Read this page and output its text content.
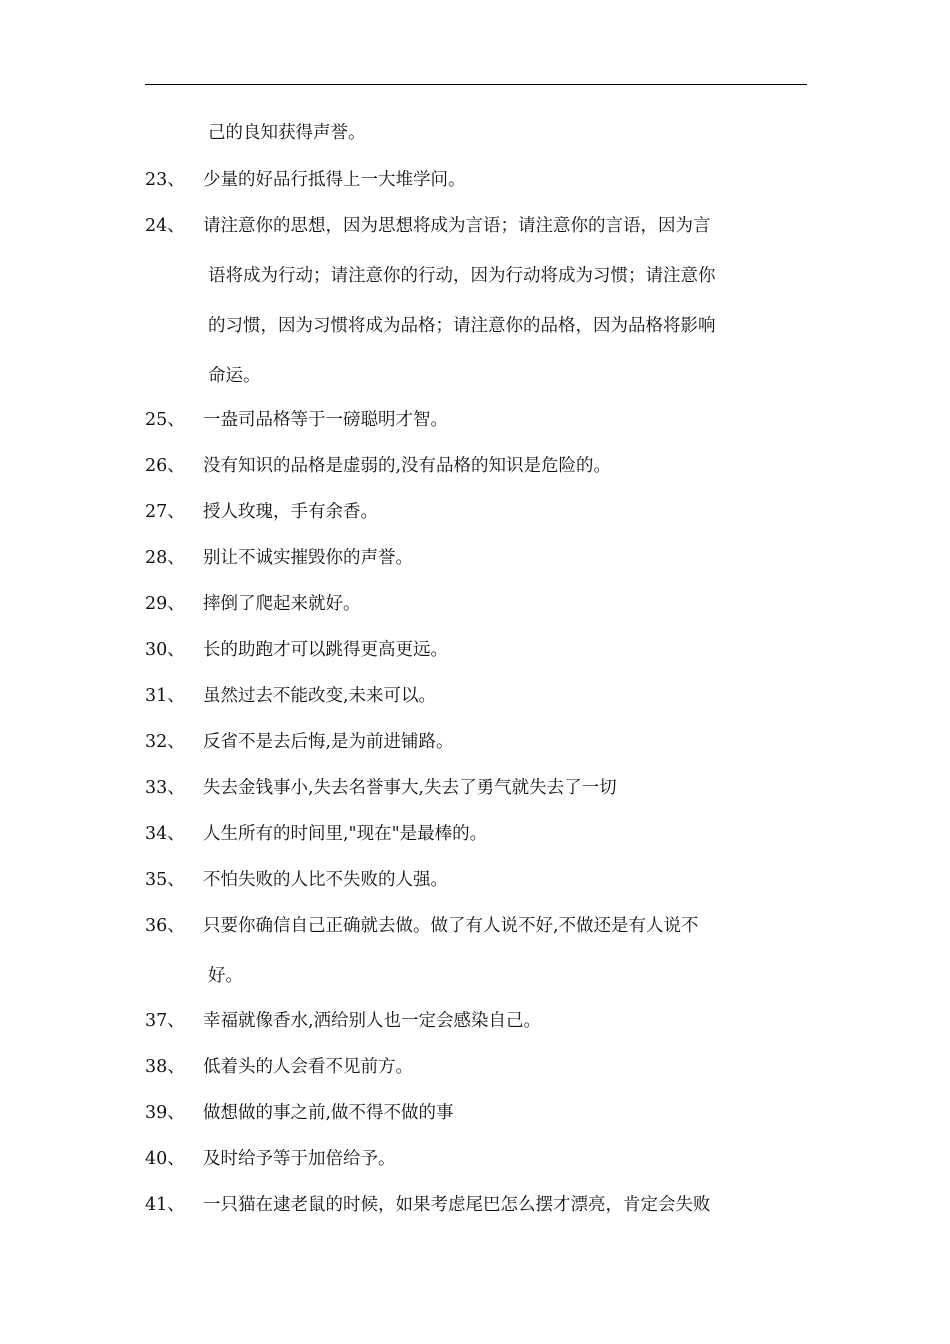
己的良知获得声誉。
23、	少量的好品行抵得上一大堆学问。
24、	请注意你的思想，因为思想将成为言语；请注意你的言语，因为言
语将成为行动；请注意你的行动，因为行动将成为习惯；请注意你
的习惯，因为习惯将成为品格；请注意你的品格，因为品格将影响
命运。
25、	一盎司品格等于一磅聪明才智。
26、	没有知识的品格是虚弱的,没有品格的知识是危险的。
27、	授人玫瑰，手有余香。
28、	别让不诚实摧毁你的声誉。
29、	摔倒了爬起来就好。
30、	长的助跑才可以跳得更高更远。
31、	虽然过去不能改变,未来可以。
32、	反省不是去后悔,是为前进铺路。
33、	失去金钱事小,失去名誉事大,失去了勇气就失去了一切
34、	人生所有的时间里,"现在"是最棒的。
35、	不怕失败的人比不失败的人强。
36、	只要你确信自己正确就去做。做了有人说不好,不做还是有人说不
好。
37、	幸福就像香水,洒给别人也一定会感染自己。
38、	低着头的人会看不见前方。
39、	做想做的事之前,做不得不做的事
40、	及时给予等于加倍给予。
41、	一只猫在逮老鼠的时候，如果考虑尾巴怎么摆才漂亮，肯定会失败
